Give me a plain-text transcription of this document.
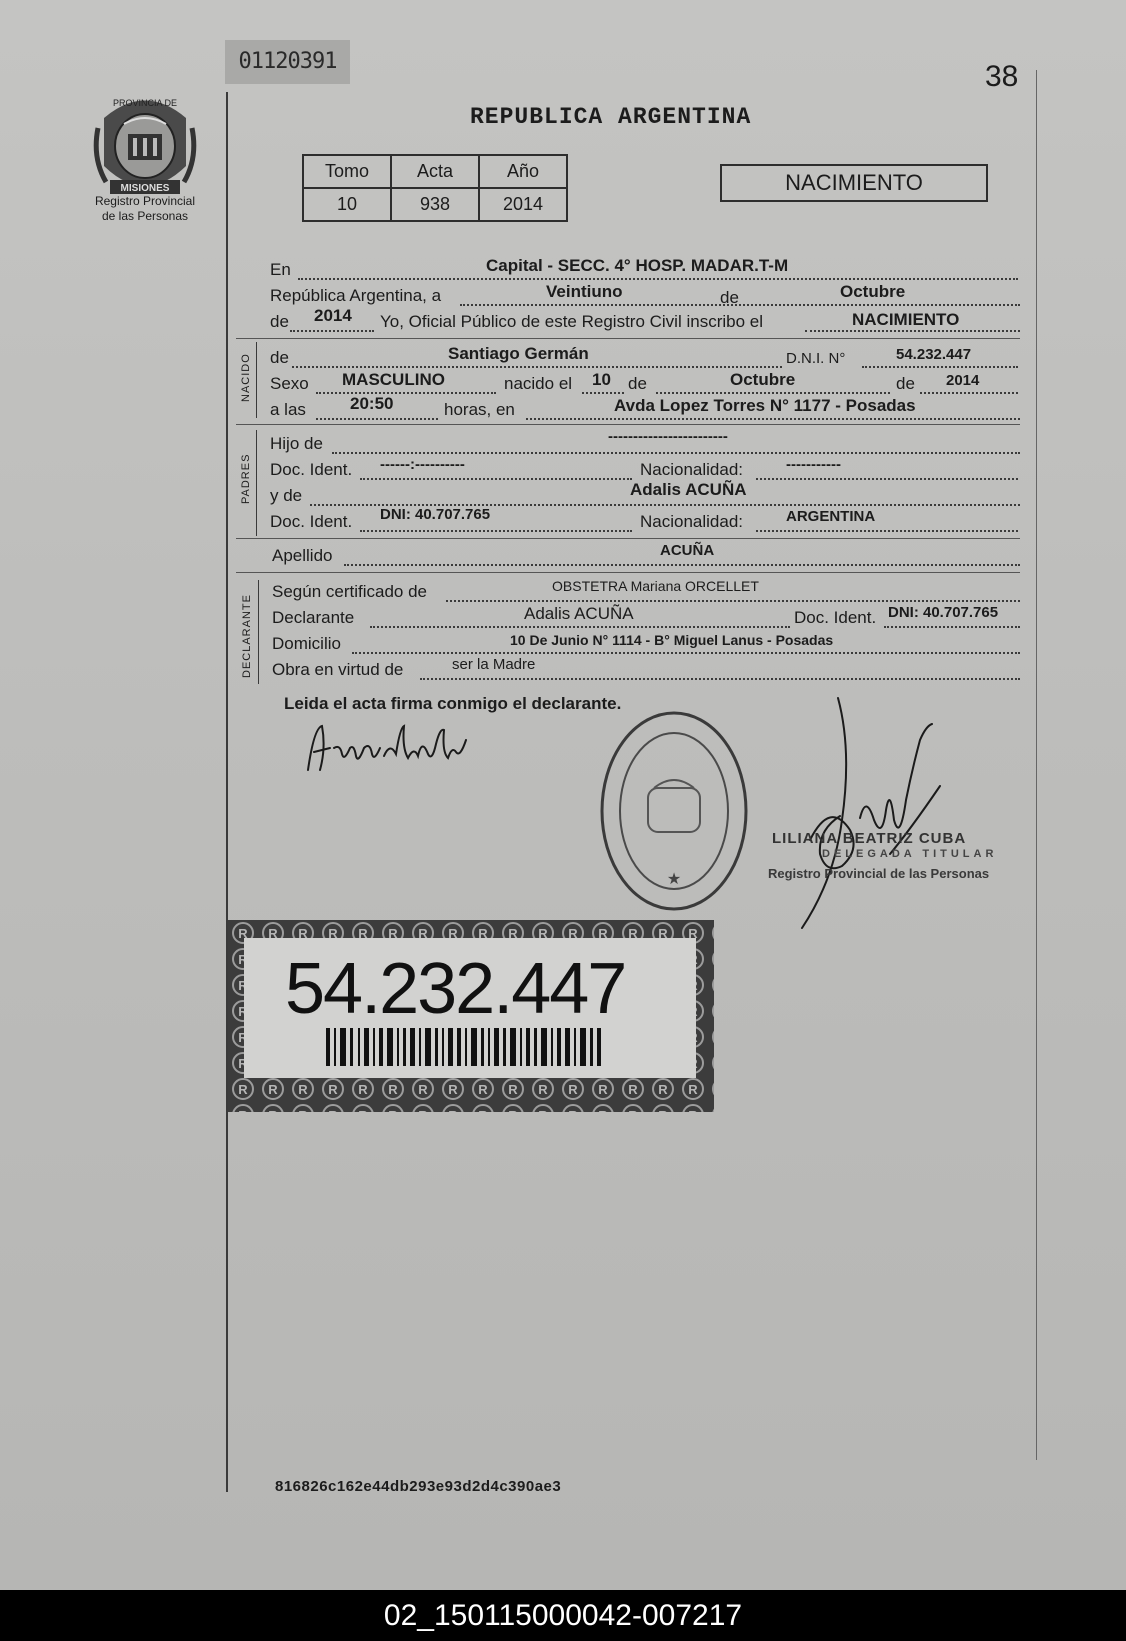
01120391	38
REPUBLICA ARGENTINA
PROVINCIA DE
MISIONES
Registro Provincial
de las Personas
Tomo	Acta	Año
10	938	2014
NACIMIENTO
En	Capital - SECC. 4° HOSP. MADAR.T-M
República Argentina, a	Veintiuno	de	Octubre
de 2014 Yo, Oficial Público de este Registro Civil inscribo el	NACIMIENTO
NACIDO de	Santiago Germán	D.N.I. N°	54.232.447
Sexo MASCULINO	nacido el 10 de	Octubre	de 2014
a las	20:50	horas, en	Avda Lopez Torres N° 1177 - Posadas
PADRES
Hijo de	------------------------
Doc. Ident. ------:----------	Nacionalidad:	-----------
y de	Adalis ACUÑA
Doc. Ident. DNI: 40.707.765	Nacionalidad:	ARGENTINA
Apellido	ACUÑA
DECLARANTE
Según certificado de	OBSTETRA Mariana ORCELLET
Declarante	Adalis ACUÑA	Doc. Ident. DNI: 40.707.765
Domicilio	10 De Junio N° 1114 - B° Miguel Lanus - Posadas
Obra en virtud de	ser la Madre
Leida el acta firma conmigo el declarante.
★
LILIANA BEATRIZ CUBA
DELEGADA TITULAR
Registro Provincial de las Personas
54.232.447
816826c162e44db293e93d2d4c390ae3
02_150115000042-007217
